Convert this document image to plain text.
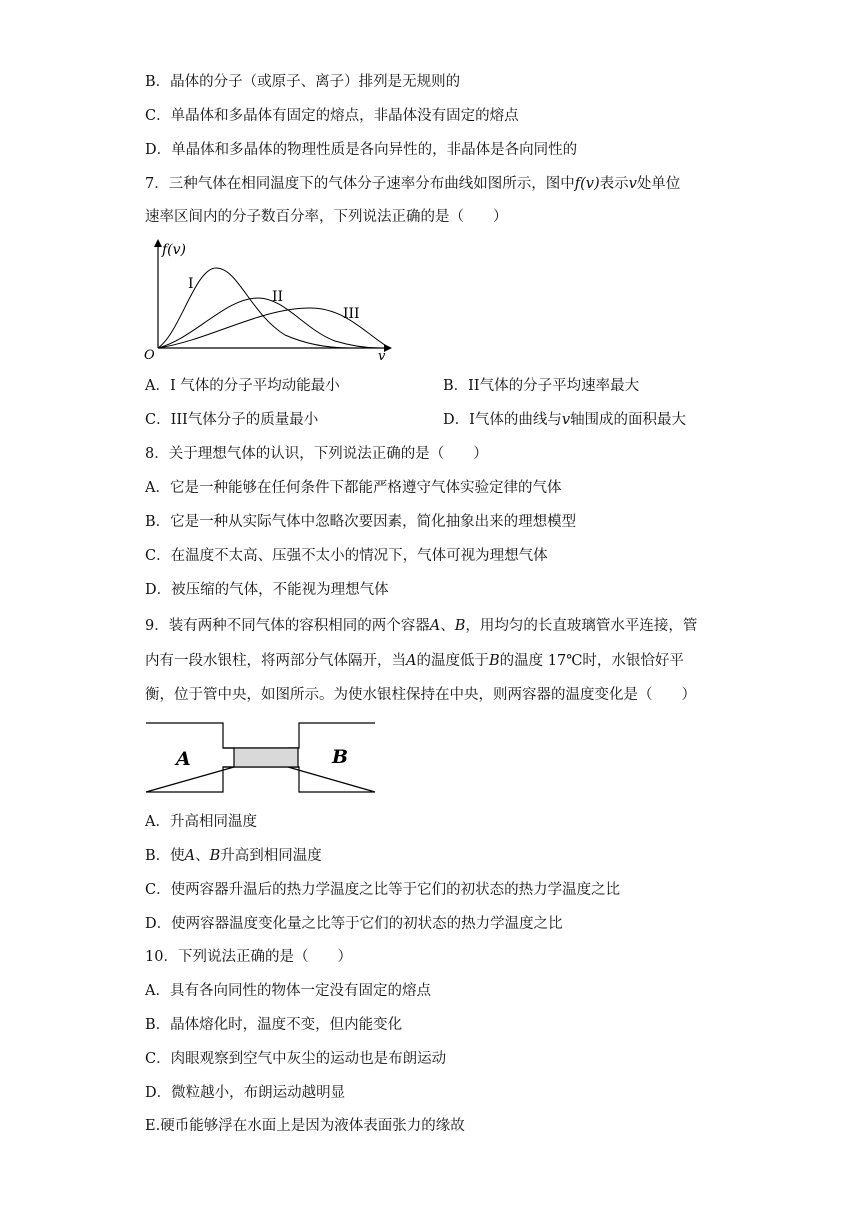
B．晶体的分子（或原子、离子）排列是无规则的
C．单晶体和多晶体有固定的熔点，非晶体没有固定的熔点
D．单晶体和多晶体的物理性质是各向异性的，非晶体是各向同性的
7．三种气体在相同温度下的气体分子速率分布曲线如图所示，图中f(v)表示v处单位
速率区间内的分子数百分率，下列说法正确的是（　　）
f(v)
v
O
I
II
III
A．I 气体的分子平均动能最小	B．II气体的分子平均速率最大
C．III气体分子的质量最小	D．I气体的曲线与v轴围成的面积最大
8．关于理想气体的认识，下列说法正确的是（　　）
A．它是一种能够在任何条件下都能严格遵守气体实验定律的气体
B．它是一种从实际气体中忽略次要因素，简化抽象出来的理想模型
C．在温度不太高、压强不太小的情况下，气体可视为理想气体
D．被压缩的气体，不能视为理想气体
9．装有两种不同气体的容积相同的两个容器A、B，用均匀的长直玻璃管水平连接，管
内有一段水银柱，将两部分气体隔开，当A的温度低于B的温度 17℃时，水银恰好平
衡，位于管中央，如图所示。为使水银柱保持在中央，则两容器的温度变化是（　　）
A	B
A．升高相同温度
B．使A、B升高到相同温度
C．使两容器升温后的热力学温度之比等于它们的初状态的热力学温度之比
D．使两容器温度变化量之比等于它们的初状态的热力学温度之比
10．下列说法正确的是（　　）
A．具有各向同性的物体一定没有固定的熔点
B．晶体熔化时，温度不变，但内能变化
C．肉眼观察到空气中灰尘的运动也是布朗运动
D．微粒越小，布朗运动越明显
E.硬币能够浮在水面上是因为液体表面张力的缘故
